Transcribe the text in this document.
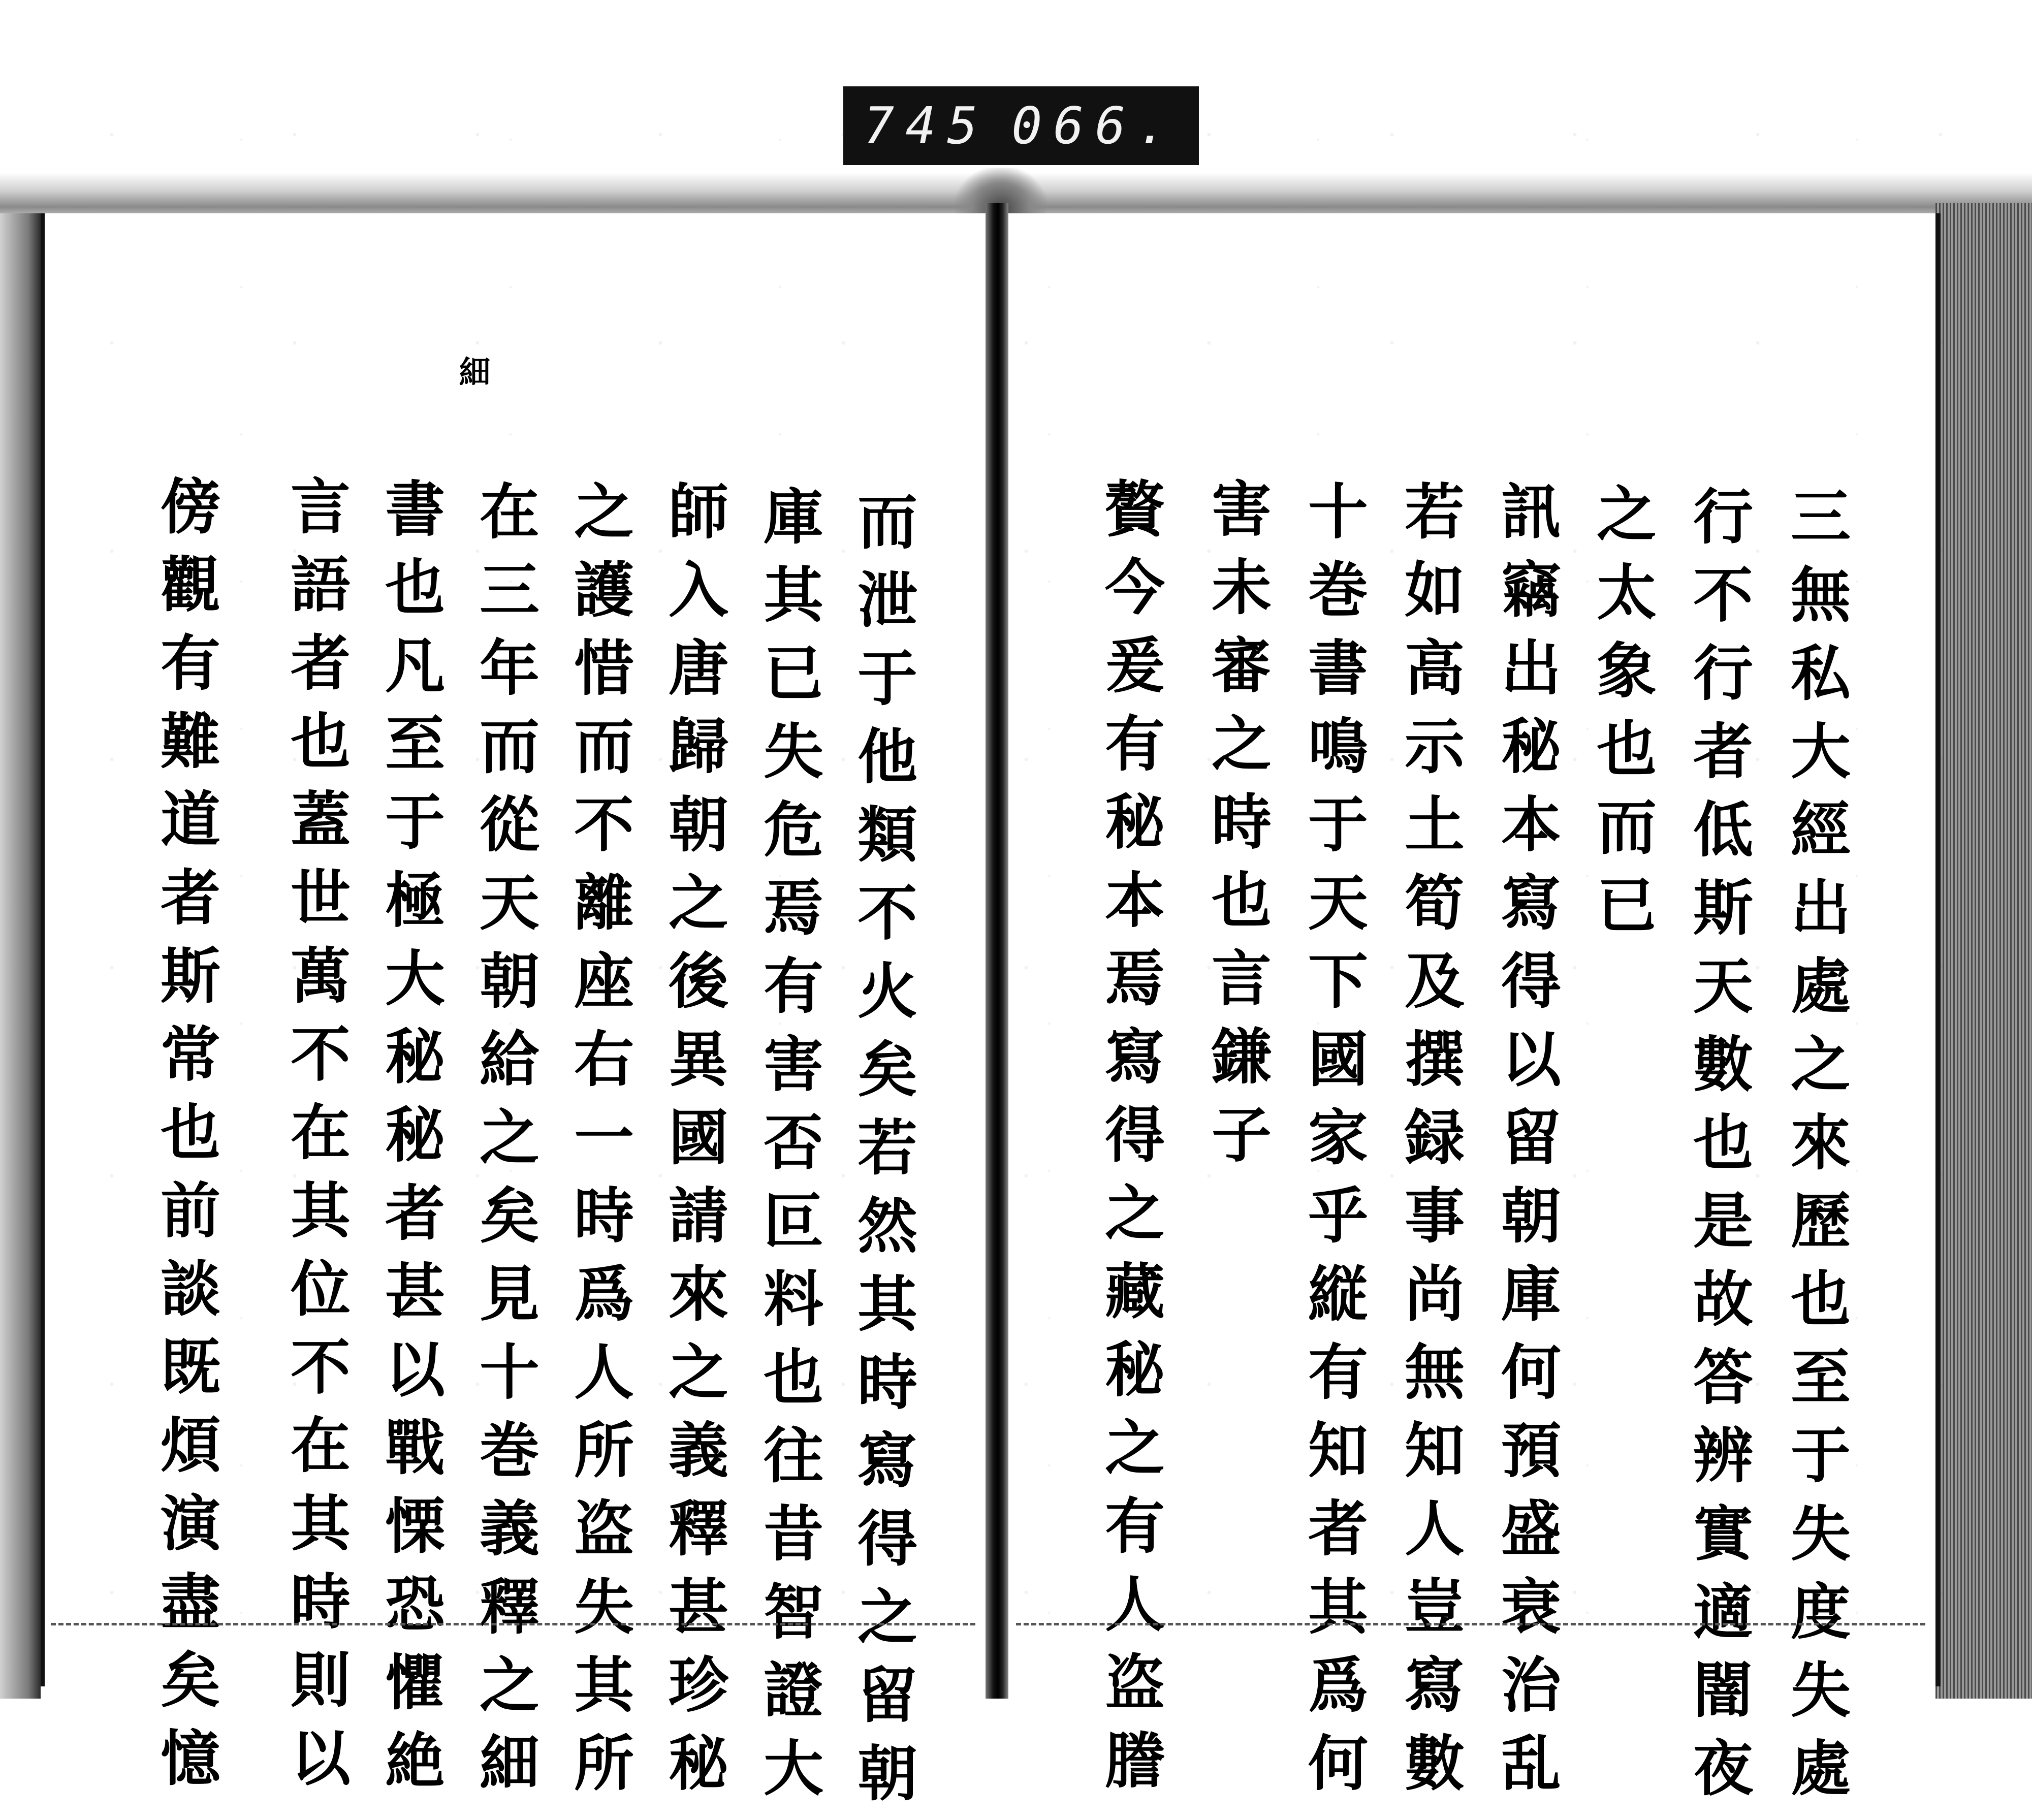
745 066.
細
而泄于他類不火矣若然其時寫得之留朝
庫其已失危焉有害否叵料也往昔智證大
師入唐歸朝之後異國請來之義釋甚珍秘
之護惜而不離座右一時爲人所盗失其所
在三年而從天朝給之矣見十巻義釋之細
書也凡至于極大秘秘者甚以戰慄恐懼絶
言語者也蓋世萬不在其位不在其時則以
傍觀有難道者斯常也前談既煩演盡矣憶	三無私大經出處之來歷也至于失度失處
行不行者低斯天數也是故答辨實適闇夜
之太象也而已
訊竊出秘本寫得以留朝庫何預盛衰治乱
若如高示土筍及撰録事尚無知人豈寫數
十巻書鳴于天下國家乎縦有知者其爲何
害未審之時也言鎌子
贅今爰有秘本焉寫得之藏秘之有人盗謄
